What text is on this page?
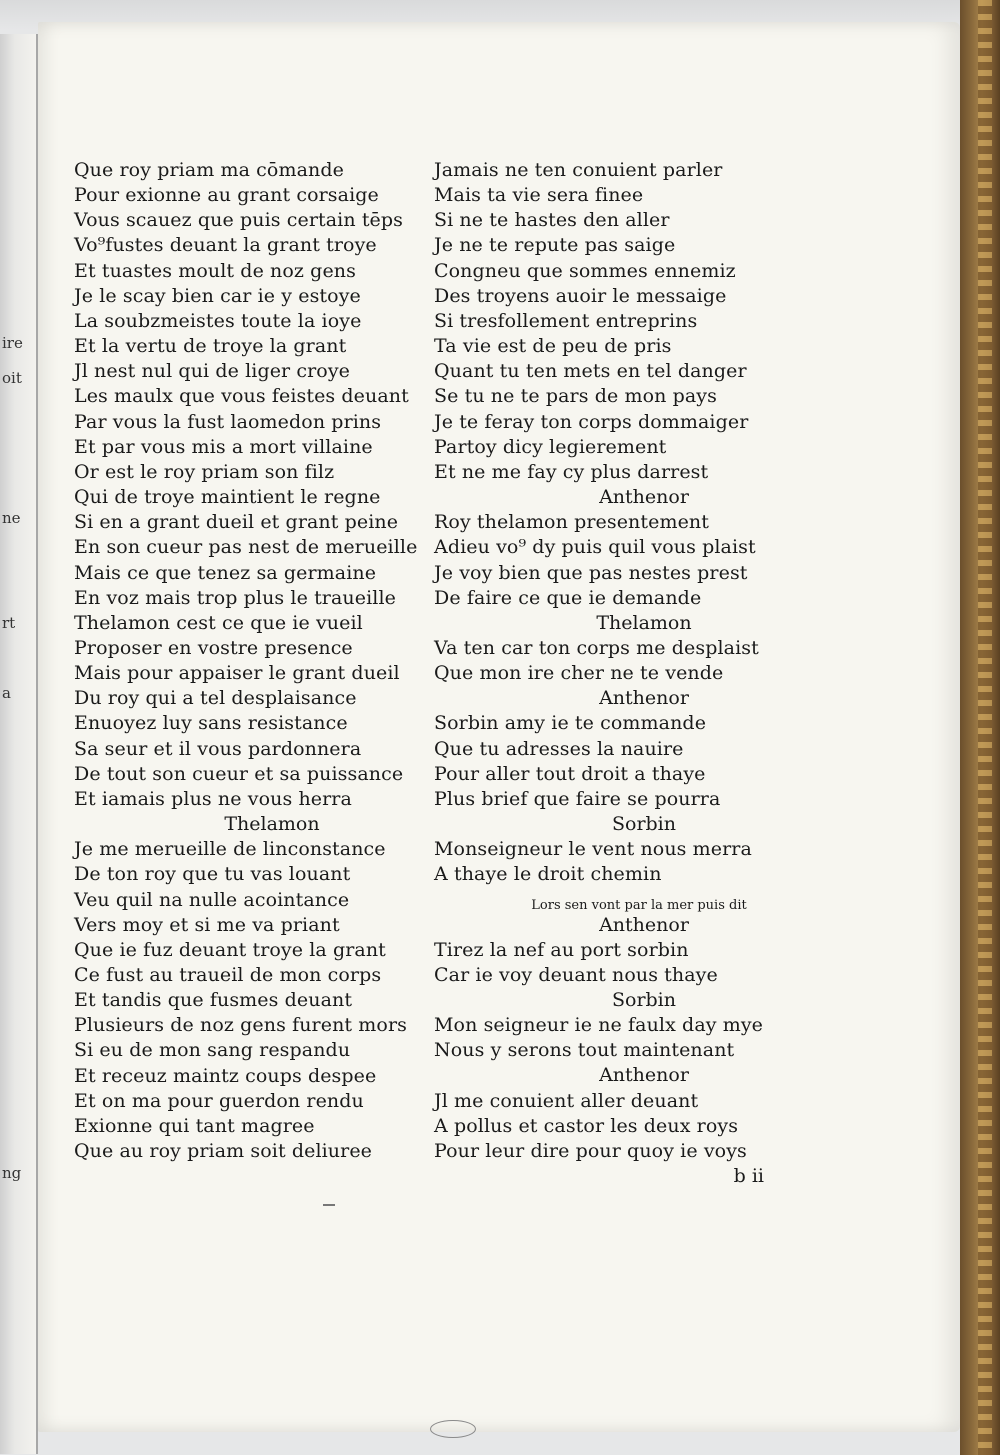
ire
oit
ne
rt
a
ng
Que roy priam ma cōmande
Pour exionne au grant corsaige
Vous scauez que puis certain tēps
Vo⁹fustes deuant la grant troye
Et tuastes moult de noz gens
Je le scay bien car ie y estoye
La soubzmeistes toute la ioye
Et la vertu de troye la grant
Jl nest nul qui de liger croye
Les maulx que vous feistes deuant
Par vous la fust laomedon prins
Et par vous mis a mort villaine
Or est le roy priam son filz
Qui de troye maintient le regne
Si en a grant dueil et grant peine
En son cueur pas nest de merueille
Mais ce que tenez sa germaine
En voz mais trop plus le traueille
Thelamon cest ce que ie vueil
Proposer en vostre presence
Mais pour appaiser le grant dueil
Du roy qui a tel desplaisance
Enuoyez luy sans resistance
Sa seur et il vous pardonnera
De tout son cueur et sa puissance
Et iamais plus ne vous herra
Thelamon
Je me merueille de linconstance
De ton roy que tu vas louant
Veu quil na nulle acointance
Vers moy et si me va priant
Que ie fuz deuant troye la grant
Ce fust au traueil de mon corps
Et tandis que fusmes deuant
Plusieurs de noz gens furent mors
Si eu de mon sang respandu
Et receuz maintz coups despee
Et on ma pour guerdon rendu
Exionne qui tant magree
Que au roy priam soit deliuree
Jamais ne ten conuient parler
Mais ta vie sera finee
Si ne te hastes den aller
Je ne te repute pas saige
Congneu que sommes ennemiz
Des troyens auoir le messaige
Si tresfollement entreprins
Ta vie est de peu de pris
Quant tu ten mets en tel danger
Se tu ne te pars de mon pays
Je te feray ton corps dommaiger
Partoy dicy legierement
Et ne me fay cy plus darrest
Anthenor
Roy thelamon presentement
Adieu vo⁹ dy puis quil vous plaist
Je voy bien que pas nestes prest
De faire ce que ie demande
Thelamon
Va ten car ton corps me desplaist
Que mon ire cher ne te vende
Anthenor
Sorbin amy ie te commande
Que tu adresses la nauire
Pour aller tout droit a thaye
Plus brief que faire se pourra
Sorbin
Monseigneur le vent nous merra
A thaye le droit chemin
Lors sen vont par la mer puis dit
Anthenor
Tirez la nef au port sorbin
Car ie voy deuant nous thaye
Sorbin
Mon seigneur ie ne faulx day mye
Nous y serons tout maintenant
Anthenor
Jl me conuient aller deuant
A pollus et castor les deux roys
Pour leur dire pour quoy ie voys
b ii
